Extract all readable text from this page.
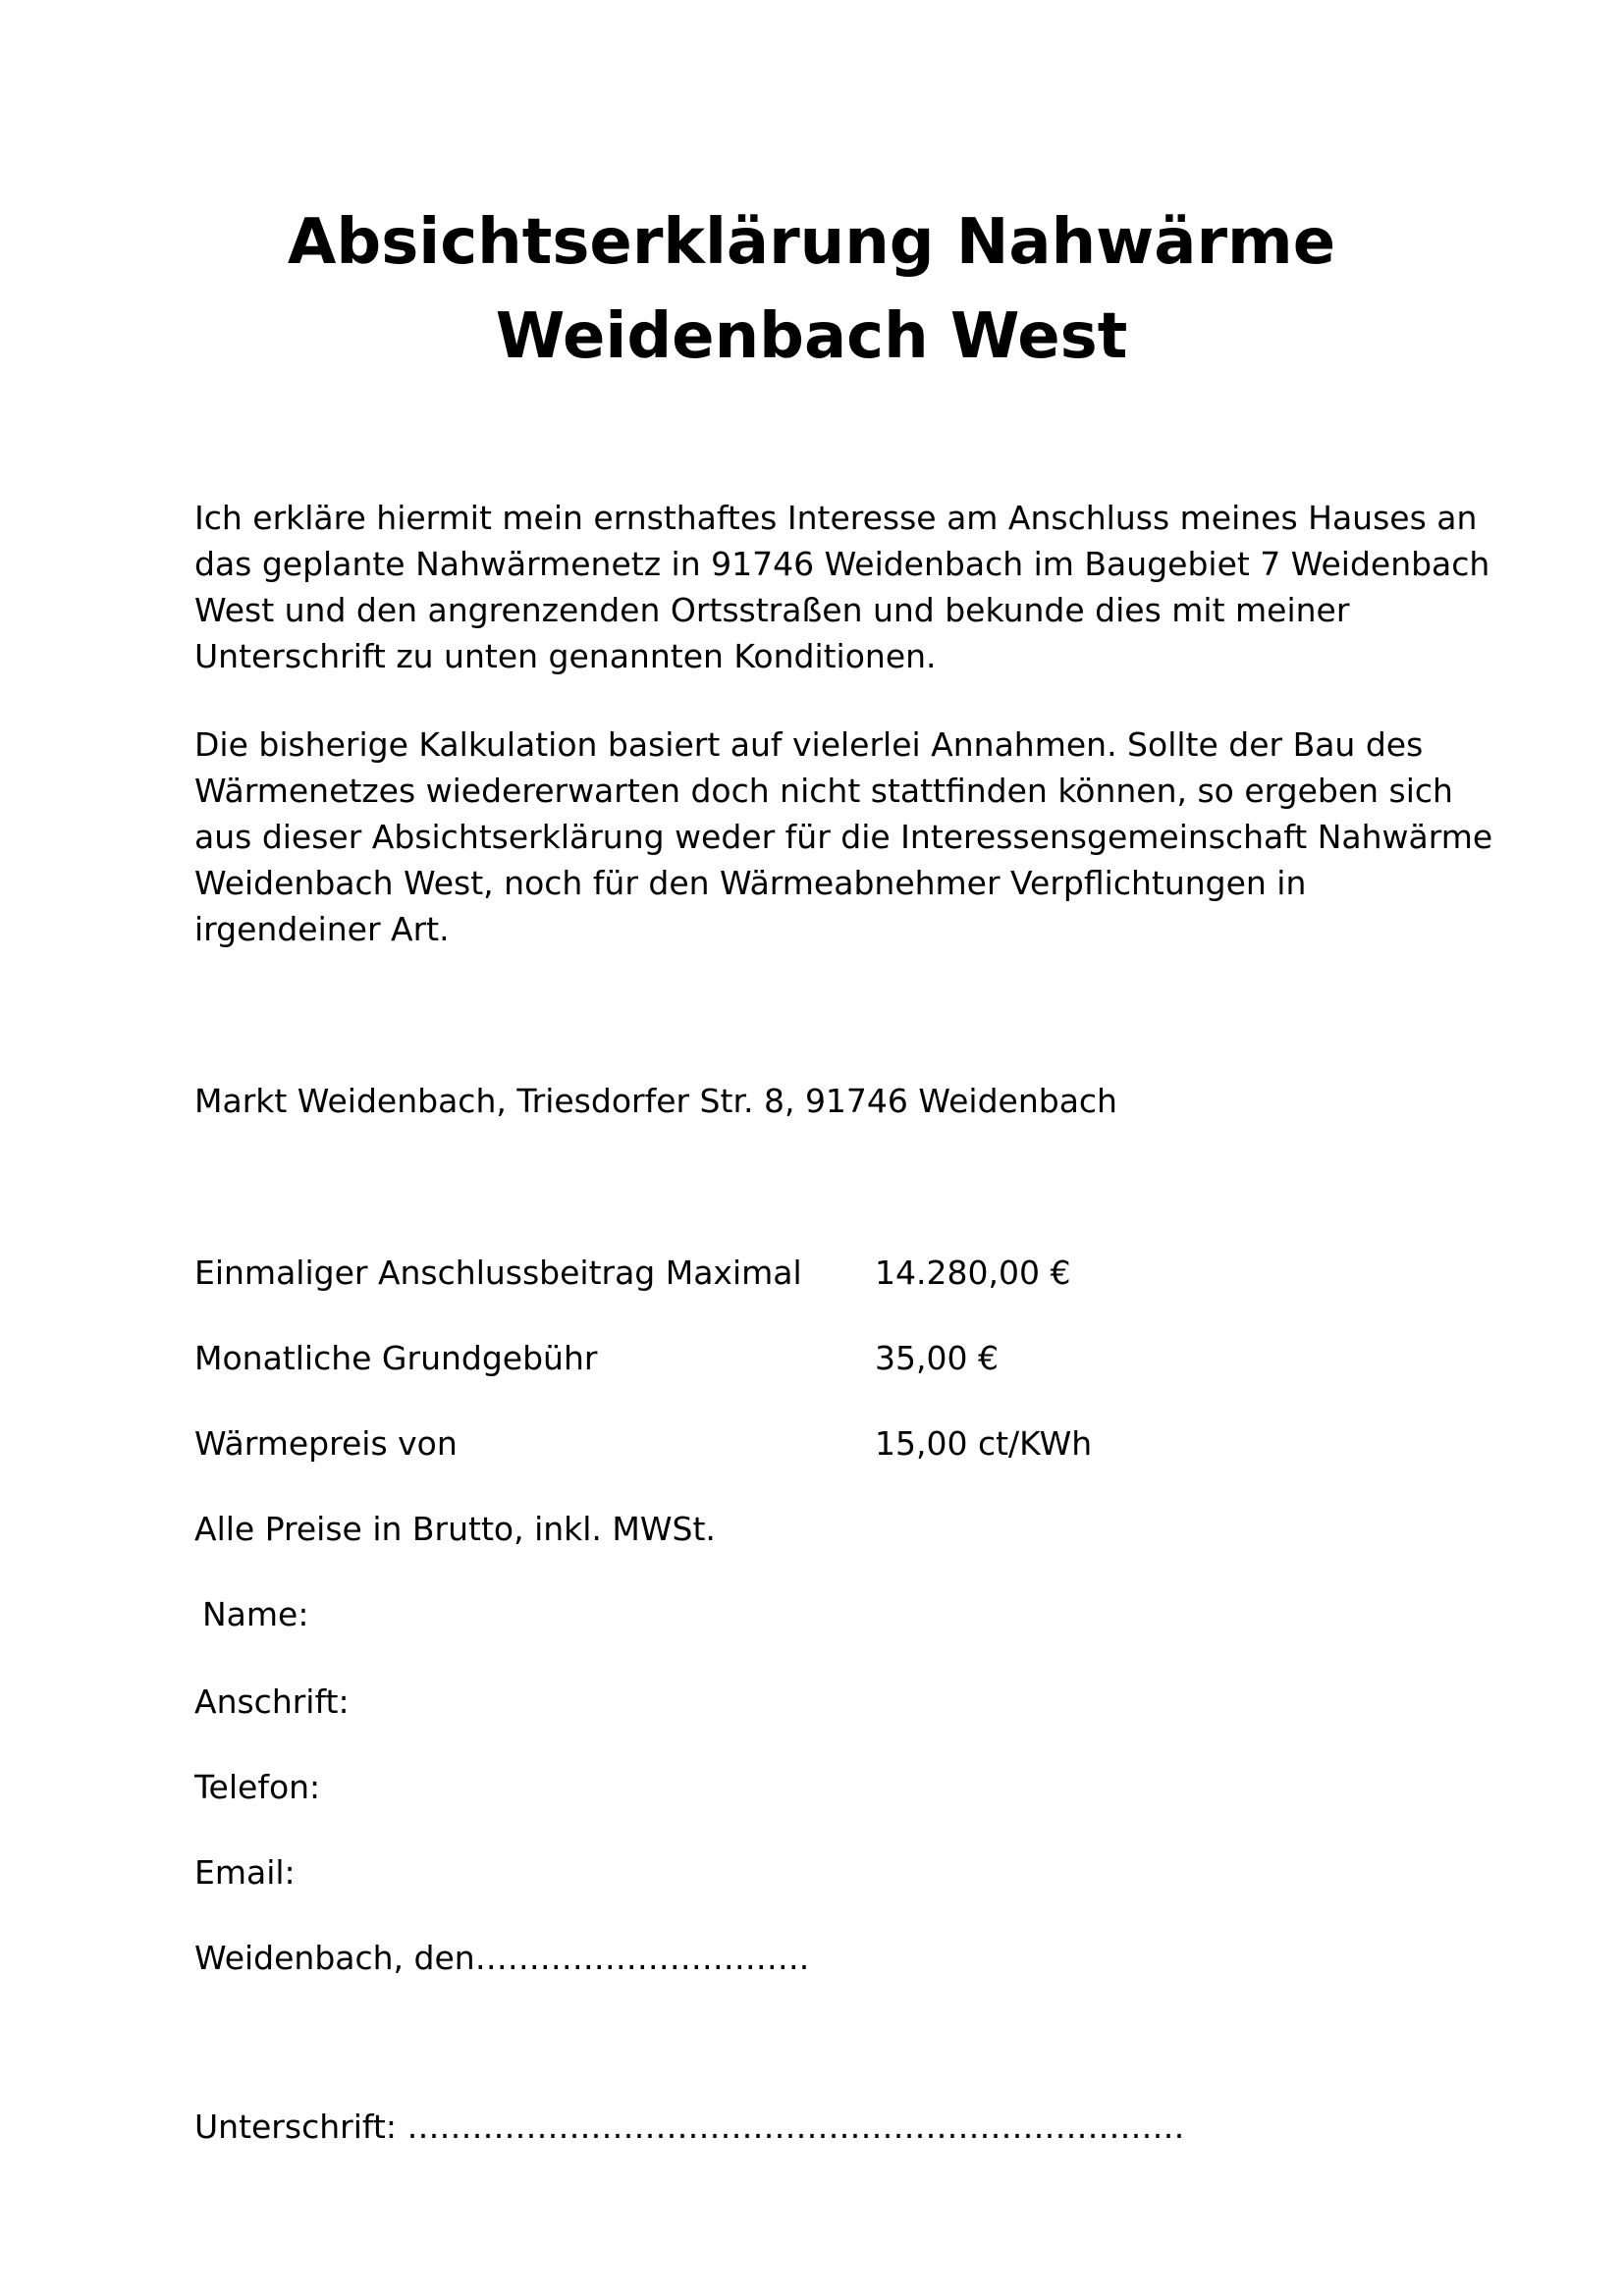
Absichtserklärung Nahwärme
Weidenbach West

Ich erkläre hiermit mein ernsthaftes Interesse am Anschluss meines Hauses an
das geplante Nahwärmenetz in 91746 Weidenbach im Baugebiet 7 Weidenbach
West und den angrenzenden Ortsstraßen und bekunde dies mit meiner
Unterschrift zu unten genannten Konditionen.

Die bisherige Kalkulation basiert auf vielerlei Annahmen. Sollte der Bau des
Wärmenetzes wiedererwarten doch nicht stattfinden können, so ergeben sich
aus dieser Absichtserklärung weder für die Interessensgemeinschaft Nahwärme
Weidenbach West, noch für den Wärmeabnehmer Verpflichtungen in
irgendeiner Art.

Markt Weidenbach, Triesdorfer Str. 8, 91746 Weidenbach
Einmaliger Anschlussbeitrag Maximal 14.280,00 €
Monatliche Grundgebühr	35,00 €
Wärmepreis von	15,00 ct/KWh
Alle Preise in Brutto, inkl. MWSt.
Name:
Anschrift:
Telefon:
Email:
Weidenbach, den………………………….
Unterschrift: ………………………………………………………………
